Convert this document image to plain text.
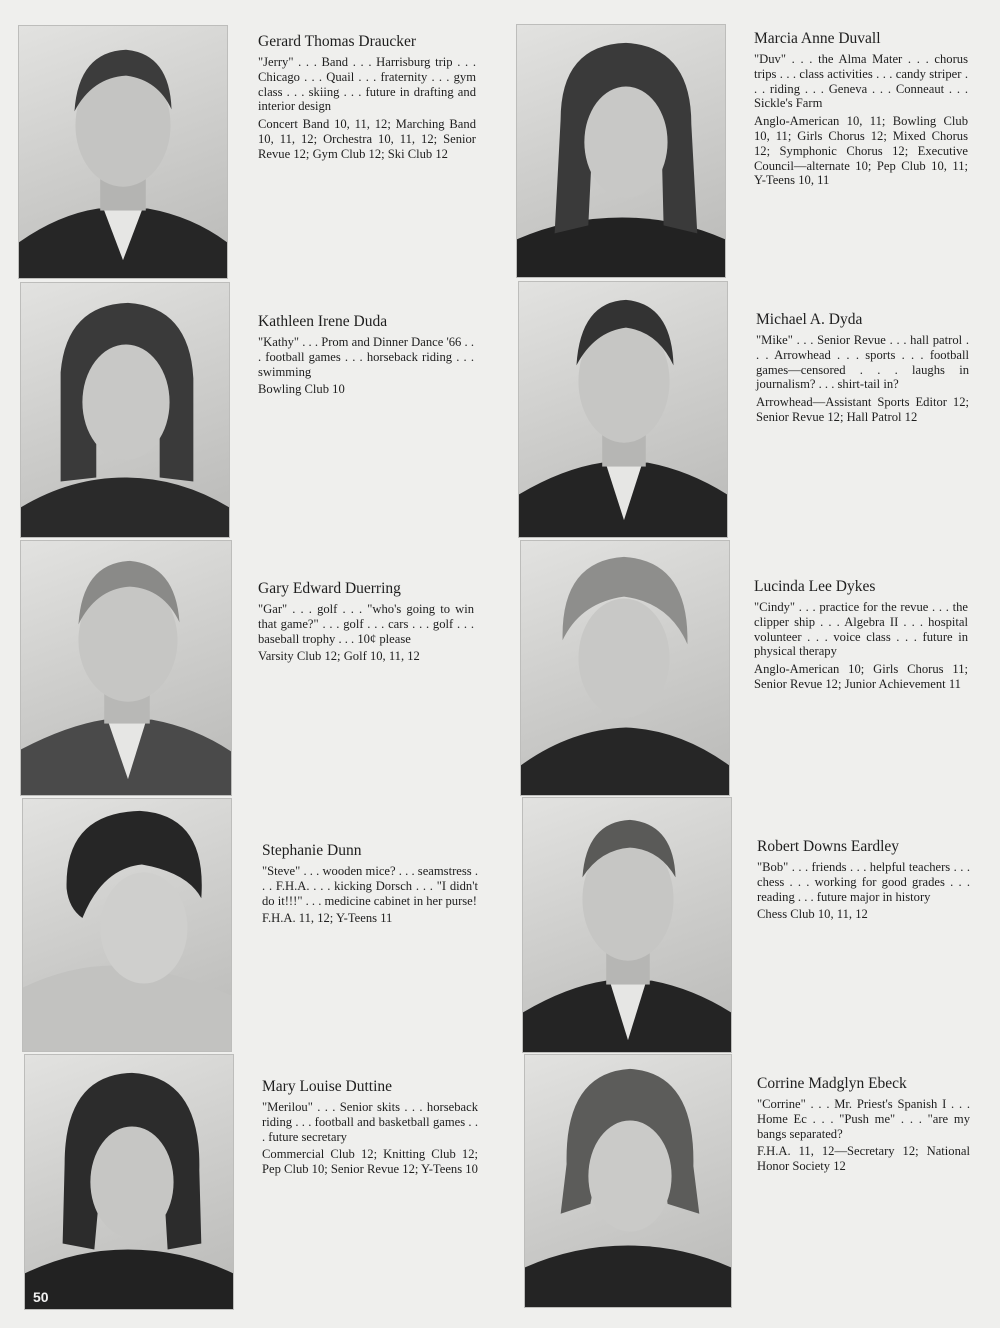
Gerard Thomas Draucker

"Jerry" . . . Band . . . Harrisburg trip . . . Chicago . . . Quail . . . fraternity . . . gym class . . . skiing . . . future in drafting and interior design

Concert Band 10, 11, 12; Marching Band 10, 11, 12; Orchestra 10, 11, 12; Senior Revue 12; Gym Club 12; Ski Club 12

Kathleen Irene Duda

"Kathy" . . . Prom and Dinner Dance '66 . . . football games . . . horseback riding . . . swimming

Bowling Club 10

Gary Edward Duerring

"Gar" . . . golf . . . "who's going to win that game?" . . . golf . . . cars . . . golf . . . baseball trophy . . . 10¢ please

Varsity Club 12; Golf 10, 11, 12

Stephanie Dunn

"Steve" . . . wooden mice? . . . seamstress . . . F.H.A. . . . kicking Dorsch . . . "I didn't do it!!!" . . . medicine cabinet in her purse!

F.H.A. 11, 12; Y-Teens 11

Mary Louise Duttine

"Merilou" . . . Senior skits . . . horseback riding . . . football and basketball games . . . future secretary

Commercial Club 12; Knitting Club 12; Pep Club 10; Senior Revue 12; Y-Teens 10

Marcia Anne Duvall

"Duv" . . . the Alma Mater . . . chorus trips . . . class activities . . . candy striper . . . riding . . . Geneva . . . Conneaut . . . Sickle's Farm

Anglo-American 10, 11; Bowling Club 10, 11; Girls Chorus 12; Mixed Chorus 12; Symphonic Chorus 12; Executive Council—alternate 10; Pep Club 10, 11; Y-Teens 10, 11

Michael A. Dyda

"Mike" . . . Senior Revue . . . hall patrol . . . Arrowhead . . . sports . . . football games—censored . . . laughs in journalism? . . . shirt-tail in?

Arrowhead—Assistant Sports Editor 12; Senior Revue 12; Hall Patrol 12

Lucinda Lee Dykes

"Cindy" . . . practice for the revue . . . the clipper ship . . . Algebra II . . . hospital volunteer . . . voice class . . . future in physical therapy

Anglo-American 10; Girls Chorus 11; Senior Revue 12; Junior Achievement 11

Robert Downs Eardley

"Bob" . . . friends . . . helpful teachers . . . chess . . . working for good grades . . . reading . . . future major in history

Chess Club 10, 11, 12

Corrine Madglyn Ebeck

"Corrine" . . . Mr. Priest's Spanish I . . . Home Ec . . . "Push me" . . . "are my bangs separated?

F.H.A. 11, 12—Secretary 12; National Honor Society 12

50
